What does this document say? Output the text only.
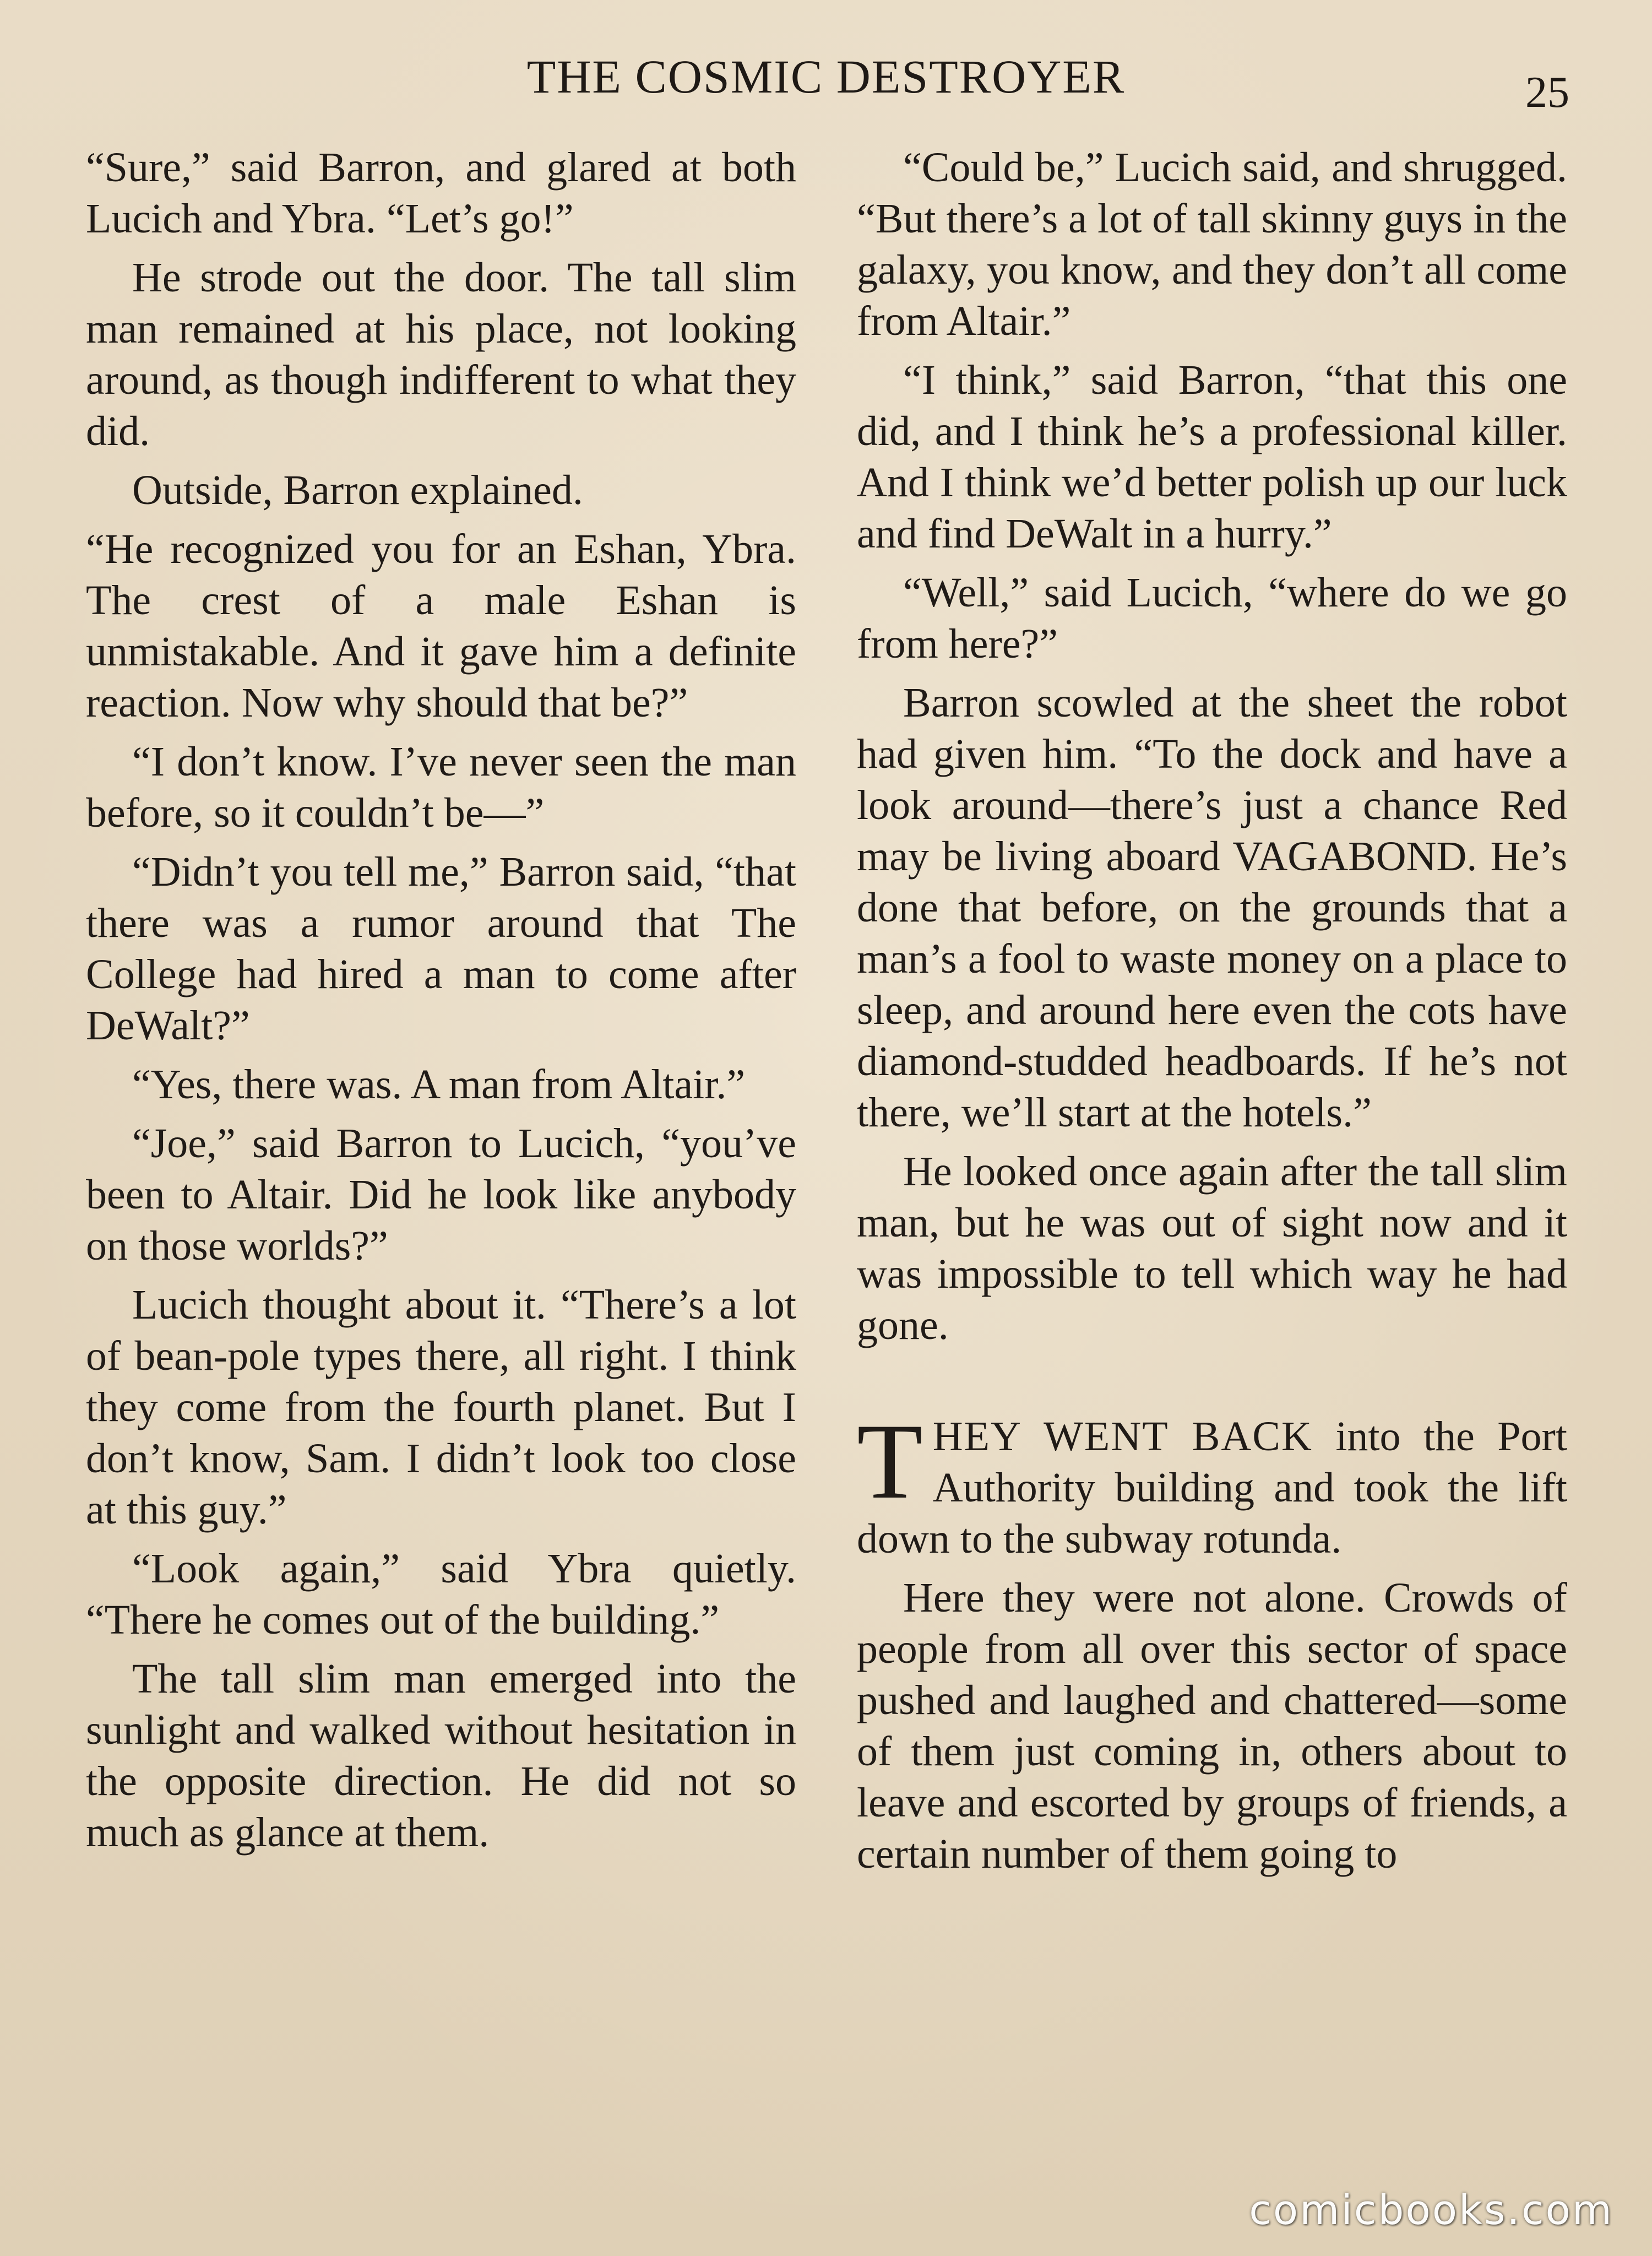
THE COSMIC DESTROYER	25

“Sure,” said Barron, and glared at both Lucich and Ybra. “Let’s go!”

He strode out the door. The tall slim man remained at his place, not looking around, as though indifferent to what they did.

Outside, Barron explained.

“He recognized you for an Eshan, Ybra. The crest of a male Eshan is unmistakable. And it gave him a definite reaction. Now why should that be?”

“I don’t know. I’ve never seen the man before, so it couldn’t be—”

“Didn’t you tell me,” Barron said, “that there was a rumor around that The College had hired a man to come after DeWalt?”

“Yes, there was. A man from Altair.”

“Joe,” said Barron to Lucich, “you’ve been to Altair. Did he look like anybody on those worlds?”

Lucich thought about it. “There’s a lot of bean-pole types there, all right. I think they come from the fourth planet. But I don’t know, Sam. I didn’t look too close at this guy.”

“Look again,” said Ybra quietly. “There he comes out of the building.”

The tall slim man emerged into the sunlight and walked without hesitation in the opposite direction. He did not so much as glance at them.

“Could be,” Lucich said, and shrugged. “But there’s a lot of tall skinny guys in the galaxy, you know, and they don’t all come from Altair.”

“I think,” said Barron, “that this one did, and I think he’s a professional killer. And I think we’d better polish up our luck and find DeWalt in a hurry.”

“Well,” said Lucich, “where do we go from here?”

Barron scowled at the sheet the robot had given him. “To the dock and have a look around—there’s just a chance Red may be living aboard VAGABOND. He’s done that before, on the grounds that a man’s a fool to waste money on a place to sleep, and around here even the cots have diamond-studded headboards. If he’s not there, we’ll start at the hotels.”

He looked once again after the tall slim man, but he was out of sight now and it was impossible to tell which way he had gone.

THEY WENT BACK into the Port Authority building and took the lift down to the subway rotunda.

Here they were not alone. Crowds of people from all over this sector of space pushed and laughed and chattered—some of them just coming in, others about to leave and escorted by groups of friends, a certain number of them going to

comicbooks.com
